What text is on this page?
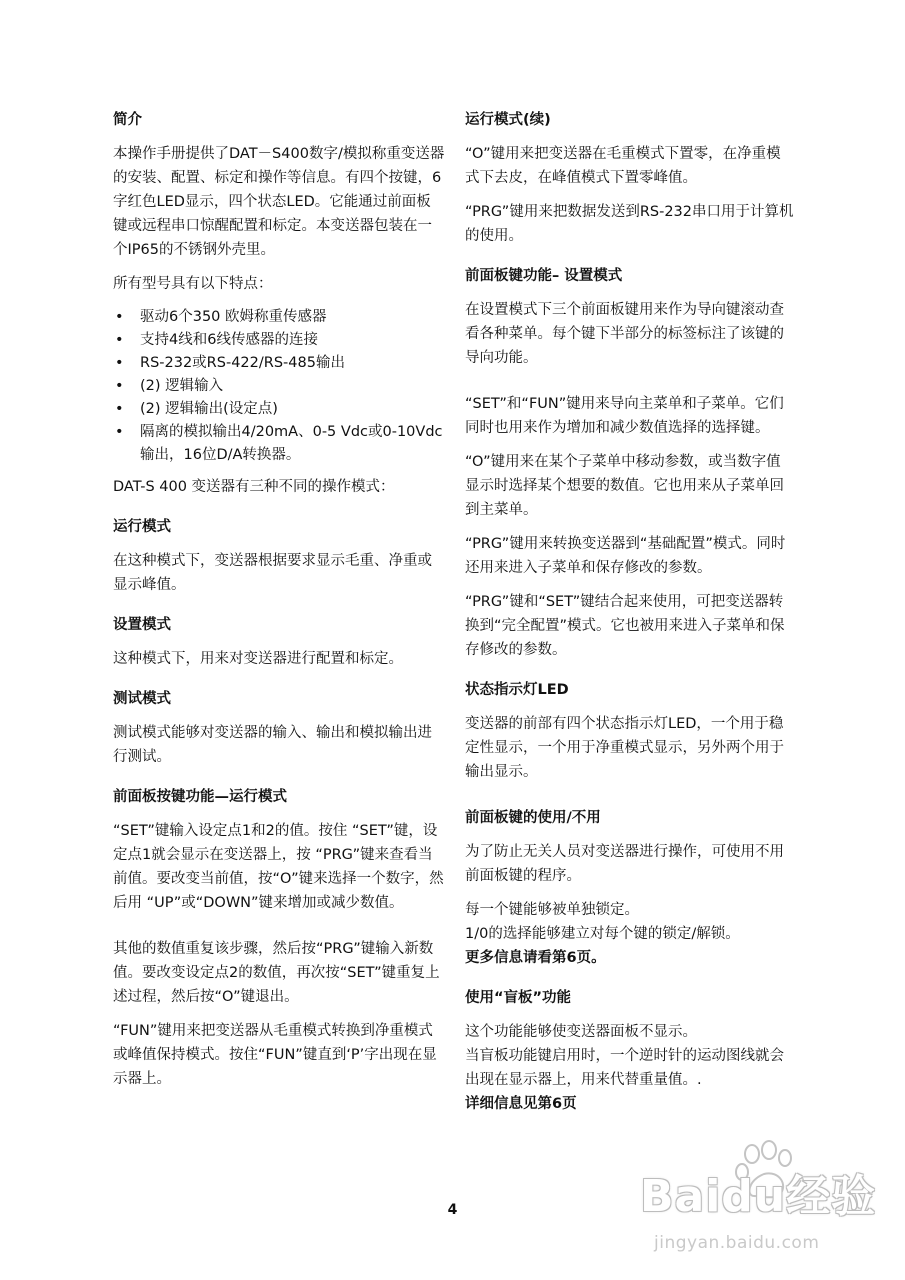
简介

本操作手册提供了DAT－S400数字/模拟称重变送器的安装、配置、标定和操作等信息。有四个按键，6字红色LED显示，四个状态LED。它能通过前面板键或远程串口惊醒配置和标定。本变送器包装在一个IP65的不锈钢外壳里。

所有型号具有以下特点：

• 驱动6个350 欧姆称重传感器
• 支持4线和6线传感器的连接
• RS-232或RS-422/RS-485输出
• (2) 逻辑输入
• (2) 逻辑输出(设定点)
• 隔离的模拟输出4/20mA、0-5 Vdc或0-10Vdc输出，16位D/A转换器。

DAT-S 400 变送器有三种不同的操作模式：

运行模式

在这种模式下，变送器根据要求显示毛重、净重或显示峰值。

设置模式

这种模式下，用来对变送器进行配置和标定。

测试模式

测试模式能够对变送器的输入、输出和模拟输出进行测试。

前面板按键功能—运行模式

“SET”键输入设定点1和2的值。按住 “SET”键，设定点1就会显示在变送器上，按 “PRG”键来查看当前值。要改变当前值，按“O”键来选择一个数字，然后用 “UP”或“DOWN”键来增加或减少数值。

其他的数值重复该步骤，然后按“PRG”键输入新数值。要改变设定点2的数值，再次按“SET”键重复上述过程，然后按“O”键退出。

“FUN”键用来把变送器从毛重模式转换到净重模式或峰值保持模式。按住“FUN”键直到‘P’字出现在显示器上。

运行模式(续)

“O”键用来把变送器在毛重模式下置零，在净重模式下去皮，在峰值模式下置零峰值。

“PRG”键用来把数据发送到RS-232串口用于计算机的使用。

前面板键功能– 设置模式

在设置模式下三个前面板键用来作为导向键滚动查看各种菜单。每个键下半部分的标签标注了该键的导向功能。

“SET”和“FUN”键用来导向主菜单和子菜单。它们同时也用来作为增加和减少数值选择的选择键。

“O”键用来在某个子菜单中移动参数，或当数字值显示时选择某个想要的数值。它也用来从子菜单回到主菜单。

“PRG”键用来转换变送器到“基础配置”模式。同时还用来进入子菜单和保存修改的参数。

“PRG”键和“SET”键结合起来使用，可把变送器转换到“完全配置”模式。它也被用来进入子菜单和保存修改的参数。

状态指示灯LED

变送器的前部有四个状态指示灯LED，一个用于稳定性显示，一个用于净重模式显示，另外两个用于输出显示。

前面板键的使用/不用

为了防止无关人员对变送器进行操作，可使用不用前面板键的程序。

每一个键能够被单独锁定。

1/0的选择能够建立对每个键的锁定/解锁。

更多信息请看第6页。

使用“盲板”功能

这个功能能够使变送器面板不显示。

当盲板功能键启用时，一个逆时针的运动图线就会出现在显示器上，用来代替重量值。.

详细信息见第6页

4	Baidu经验
jingyan.baidu.com
